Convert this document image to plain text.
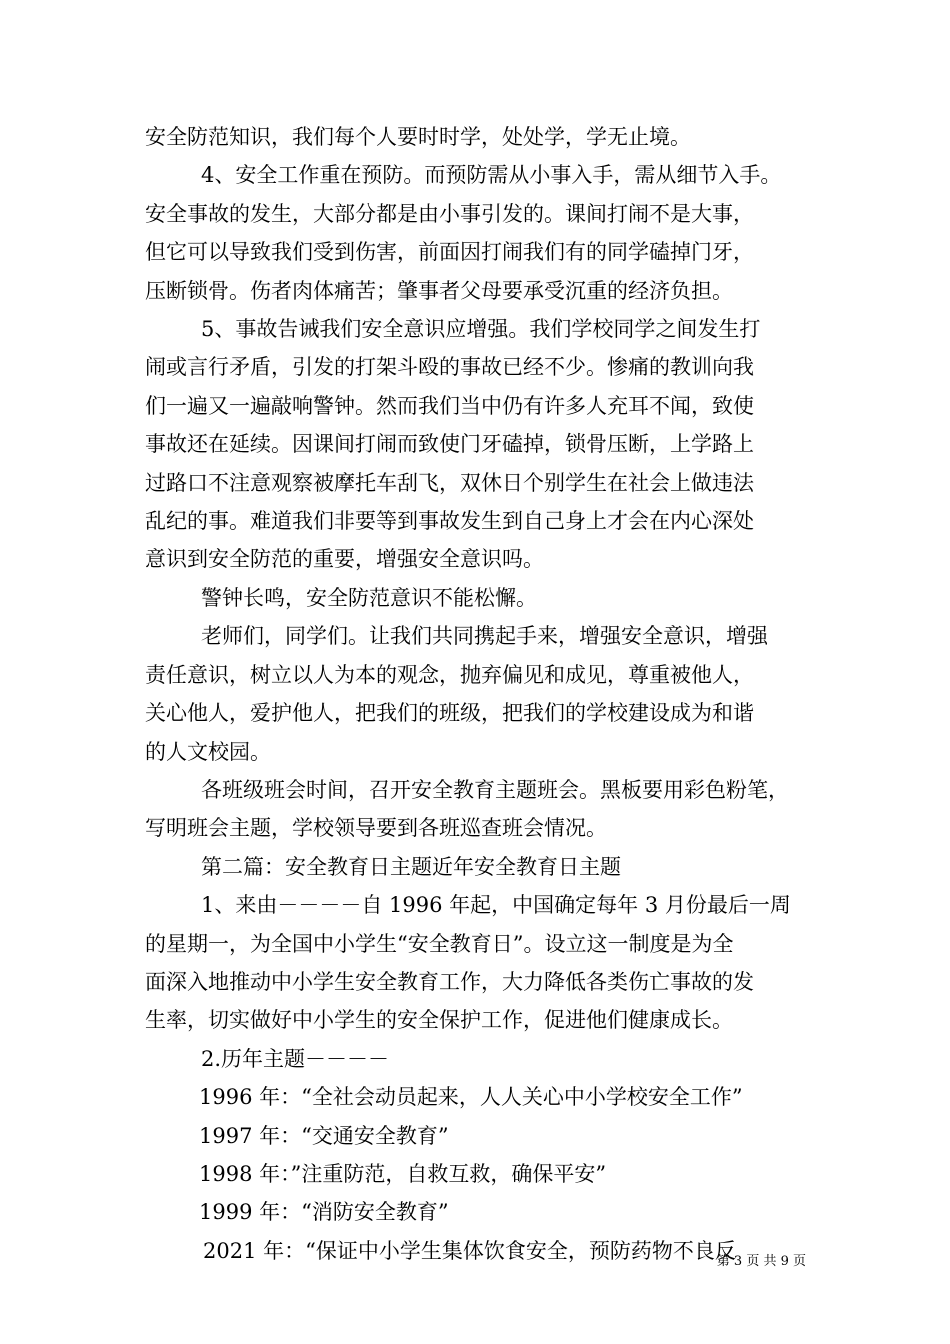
安全防范知识，我们每个人要时时学，处处学，学无止境。

4、安全工作重在预防。而预防需从小事入手，需从细节入手。

安全事故的发生，大部分都是由小事引发的。课间打闹不是大事，

但它可以导致我们受到伤害，前面因打闹我们有的同学磕掉门牙，

压断锁骨。伤者肉体痛苦；肇事者父母要承受沉重的经济负担。

5、事故告诫我们安全意识应增强。我们学校同学之间发生打

闹或言行矛盾，引发的打架斗殴的事故已经不少。惨痛的教训向我

们一遍又一遍敲响警钟。然而我们当中仍有许多人充耳不闻，致使

事故还在延续。因课间打闹而致使门牙磕掉，锁骨压断，上学路上

过路口不注意观察被摩托车刮飞，双休日个别学生在社会上做违法

乱纪的事。难道我们非要等到事故发生到自己身上才会在内心深处

意识到安全防范的重要，增强安全意识吗。

警钟长鸣，安全防范意识不能松懈。

老师们，同学们。让我们共同携起手来，增强安全意识，增强

责任意识，树立以人为本的观念，抛弃偏见和成见，尊重被他人，

关心他人，爱护他人，把我们的班级，把我们的学校建设成为和谐

的人文校园。

各班级班会时间，召开安全教育主题班会。黑板要用彩色粉笔，

写明班会主题，学校领导要到各班巡查班会情况。

第二篇：安全教育日主题近年安全教育日主题

1、来由－－－－自 1996 年起，中国确定每年 3 月份最后一周

的星期一，为全国中小学生“安全教育日”。设立这一制度是为全

面深入地推动中小学生安全教育工作，大力降低各类伤亡事故的发

生率，切实做好中小学生的安全保护工作，促进他们健康成长。

2.历年主题－－－－

1996 年：“全社会动员起来，人人关心中小学校安全工作”

1997 年：“交通安全教育”

1998 年：”注重防范，自救互救，确保平安”

1999 年：“消防安全教育”

2021 年：“保证中小学生集体饮食安全，预防药物不良反

第 3 页 共 9 页
